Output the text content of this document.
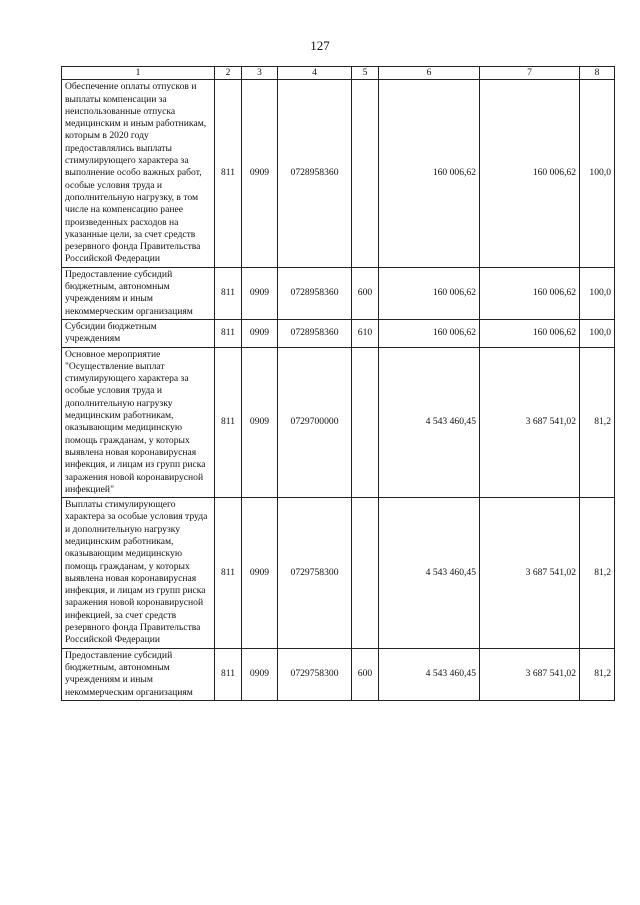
127
1	2	3	4	5	6	7	8
Обеспечение оплаты отпусков и выплаты компенсации за неиспользованные отпуска медицинским и иным работникам, которым в 2020 году предоставлялись выплаты стимулирующего характера за выполнение особо важных работ, особые условия труда и дополнительную нагрузку, в том числе на компенсацию ранее произведенных расходов на указанные цели, за счет средств резервного фонда Правительства Российской Федерации	811	0909	0728958360		160 006,62	160 006,62	100,0
Предоставление субсидий бюджетным, автономным учреждениям и иным некоммерческим организациям	811	0909	0728958360	600	160 006,62	160 006,62	100,0
Субсидии бюджетным учреждениям	811	0909	0728958360	610	160 006,62	160 006,62	100,0
Основное мероприятие "Осуществление выплат стимулирующего характера за особые условия труда и дополнительную нагрузку медицинским работникам, оказывающим медицинскую помощь гражданам, у которых выявлена новая коронавирусная инфекция, и лицам из групп риска заражения новой коронавирусной инфекцией"	811	0909	0729700000		4 543 460,45	3 687 541,02	81,2
Выплаты стимулирующего характера за особые условия труда и дополнительную нагрузку медицинским работникам, оказывающим медицинскую помощь гражданам, у которых выявлена новая коронавирусная инфекция, и лицам из групп риска заражения новой коронавирусной инфекцией, за счет средств резервного фонда Правительства Российской Федерации	811	0909	0729758300		4 543 460,45	3 687 541,02	81,2
Предоставление субсидий бюджетным, автономным учреждениям и иным некоммерческим организациям	811	0909	0729758300	600	4 543 460,45	3 687 541,02	81,2
